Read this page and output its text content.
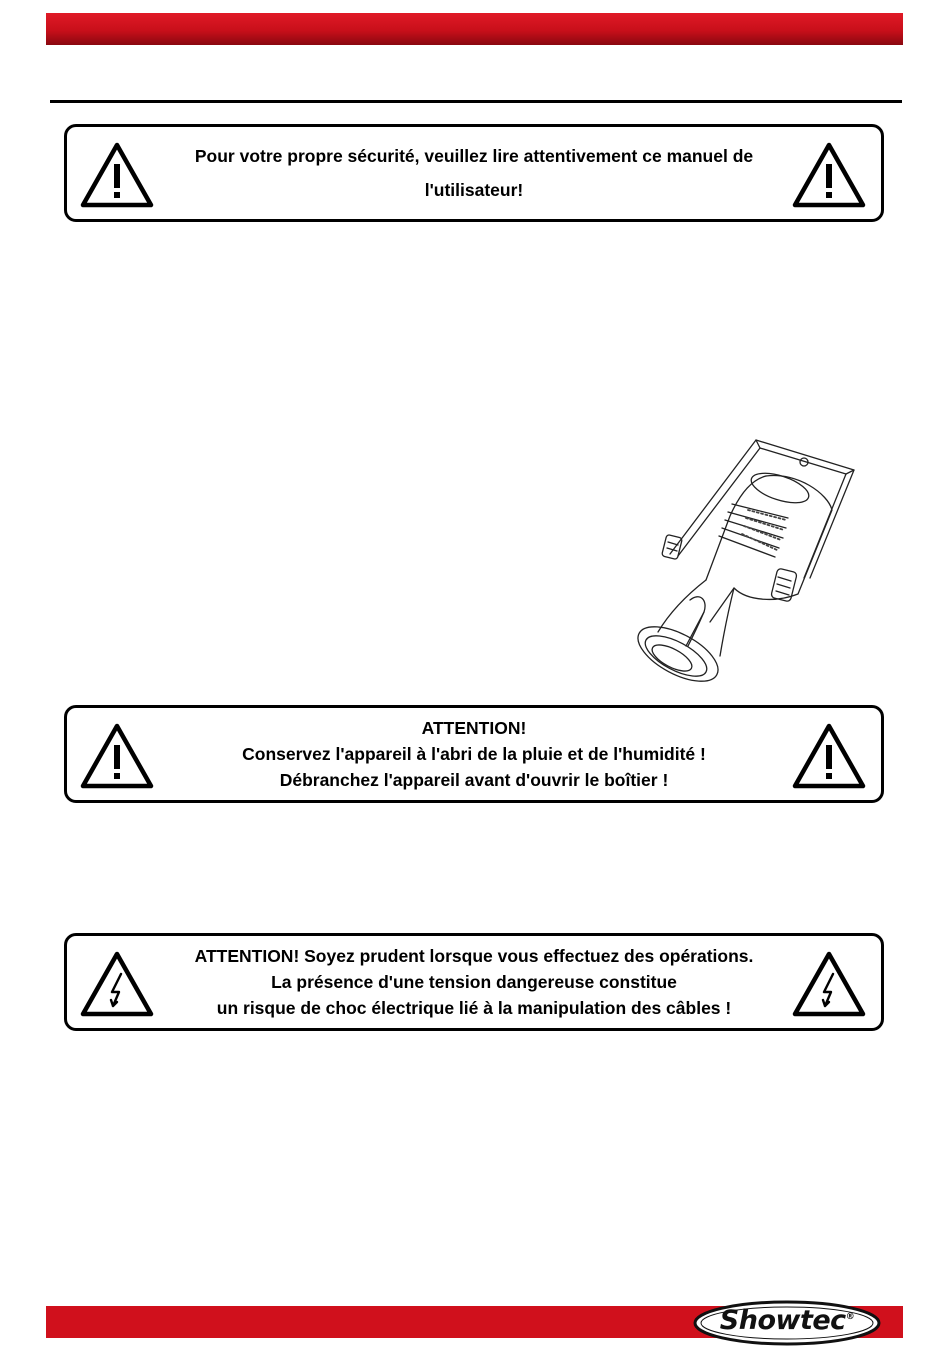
Pour votre propre sécurité, veuillez lire attentivement ce manuel de
l'utilisateur!
ATTENTION!
Conservez l'appareil à l'abri de la pluie et de l'humidité !
Débranchez l'appareil avant d'ouvrir le boîtier !
ATTENTION! Soyez prudent lorsque vous effectuez des opérations.
La présence d'une tension dangereuse constitue
un risque de choc électrique lié à la manipulation des câbles !
Showtec®
